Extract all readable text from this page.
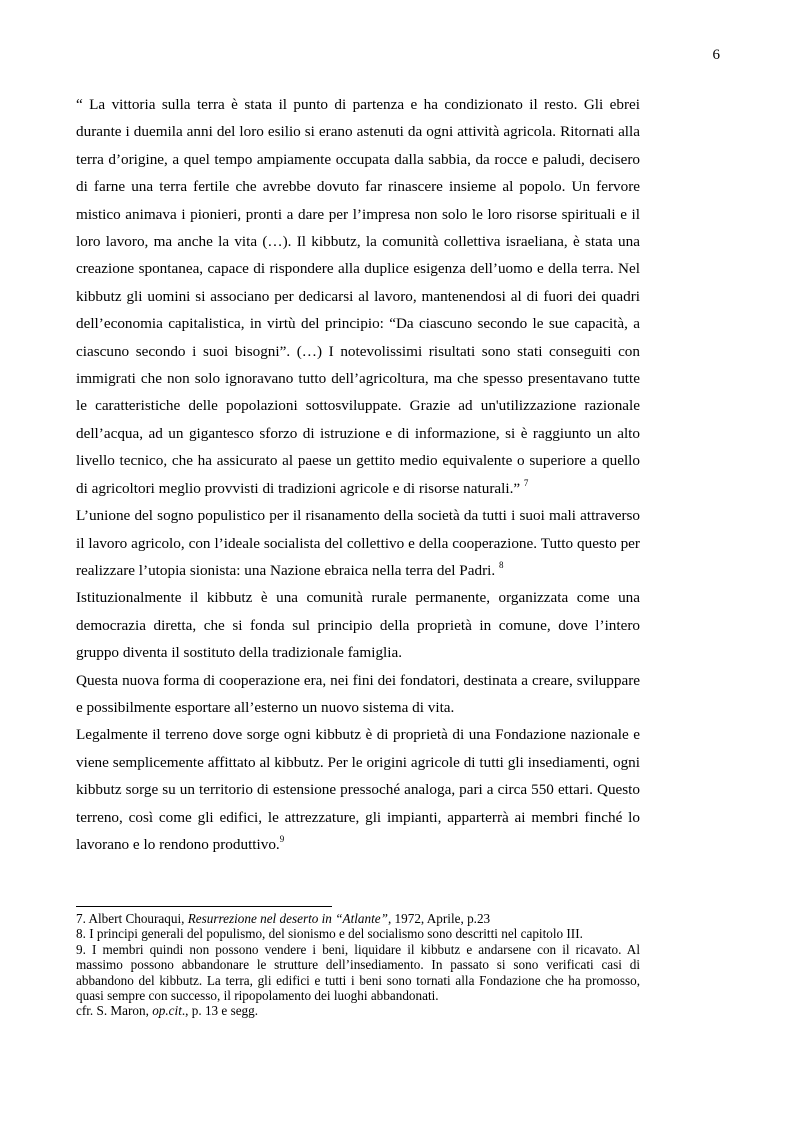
6

“ La vittoria sulla terra è stata il punto di partenza e ha condizionato il resto. Gli ebrei durante i duemila anni del loro esilio si erano astenuti da ogni attività agricola. Ritornati alla terra d’origine, a quel tempo ampiamente occupata dalla sabbia, da rocce e paludi, decisero di farne una terra fertile che avrebbe dovuto far rinascere insieme al popolo. Un fervore mistico animava i pionieri, pronti a dare per l’impresa non solo le loro risorse spirituali e il loro lavoro, ma anche la vita (…). Il kibbutz, la comunità collettiva israeliana, è stata una creazione spontanea, capace di rispondere alla duplice esigenza dell’uomo e della terra. Nel kibbutz gli uomini si associano per dedicarsi al lavoro, mantenendosi al di fuori dei quadri dell’economia capitalistica, in virtù del principio: “Da ciascuno secondo le sue capacità, a ciascuno secondo i suoi bisogni”. (…) I notevolissimi risultati sono stati conseguiti con immigrati che non solo ignoravano tutto dell’agricoltura, ma che spesso presentavano tutte le caratteristiche delle popolazioni sottosviluppate. Grazie ad un'utilizzazione razionale dell’acqua, ad un gigantesco sforzo di istruzione e di informazione, si è raggiunto un alto livello tecnico, che ha assicurato al paese un gettito medio equivalente o superiore a quello di agricoltori meglio provvisti di tradizioni agricole e di risorse naturali.” $^7$

L’unione del sogno populistico per il risanamento della società da tutti i suoi mali attraverso il lavoro agricolo, con l’ideale socialista del collettivo e della cooperazione. Tutto questo per realizzare l’utopia sionista: una Nazione ebraica nella terra del Padri. $^8$

Istituzionalmente il kibbutz è una comunità rurale permanente, organizzata come una democrazia diretta, che si fonda sul principio della proprietà in comune, dove l’intero gruppo diventa il sostituto della tradizionale famiglia.

Questa nuova forma di cooperazione era, nei fini dei fondatori, destinata a creare, sviluppare e possibilmente esportare all’esterno un nuovo sistema di vita.

Legalmente il terreno dove sorge ogni kibbutz è di proprietà di una Fondazione nazionale e viene semplicemente affittato al kibbutz. Per le origini agricole di tutti gli insediamenti, ogni kibbutz sorge su un territorio di estensione pressoché analoga, pari a circa 550 ettari. Questo terreno, così come gli edifici, le attrezzature, gli impianti, apparterrà ai membri finché lo lavorano e lo rendono produttivo.$^9$

7. Albert Chouraqui, Resurrezione nel deserto in “Atlante”, 1972, Aprile, p.23

8. I principi generali del populismo, del sionismo e del socialismo sono descritti nel capitolo III.

9. I membri quindi non possono vendere i beni, liquidare il kibbutz e andarsene con il ricavato. Al massimo possono abbandonare le strutture dell’insediamento. In passato si sono verificati casi di abbandono del kibbutz. La terra, gli edifici e tutti i beni sono tornati alla Fondazione che ha promosso, quasi sempre con successo, il ripopolamento dei luoghi abbandonati.

cfr. S. Maron, op.cit., p. 13 e segg.
